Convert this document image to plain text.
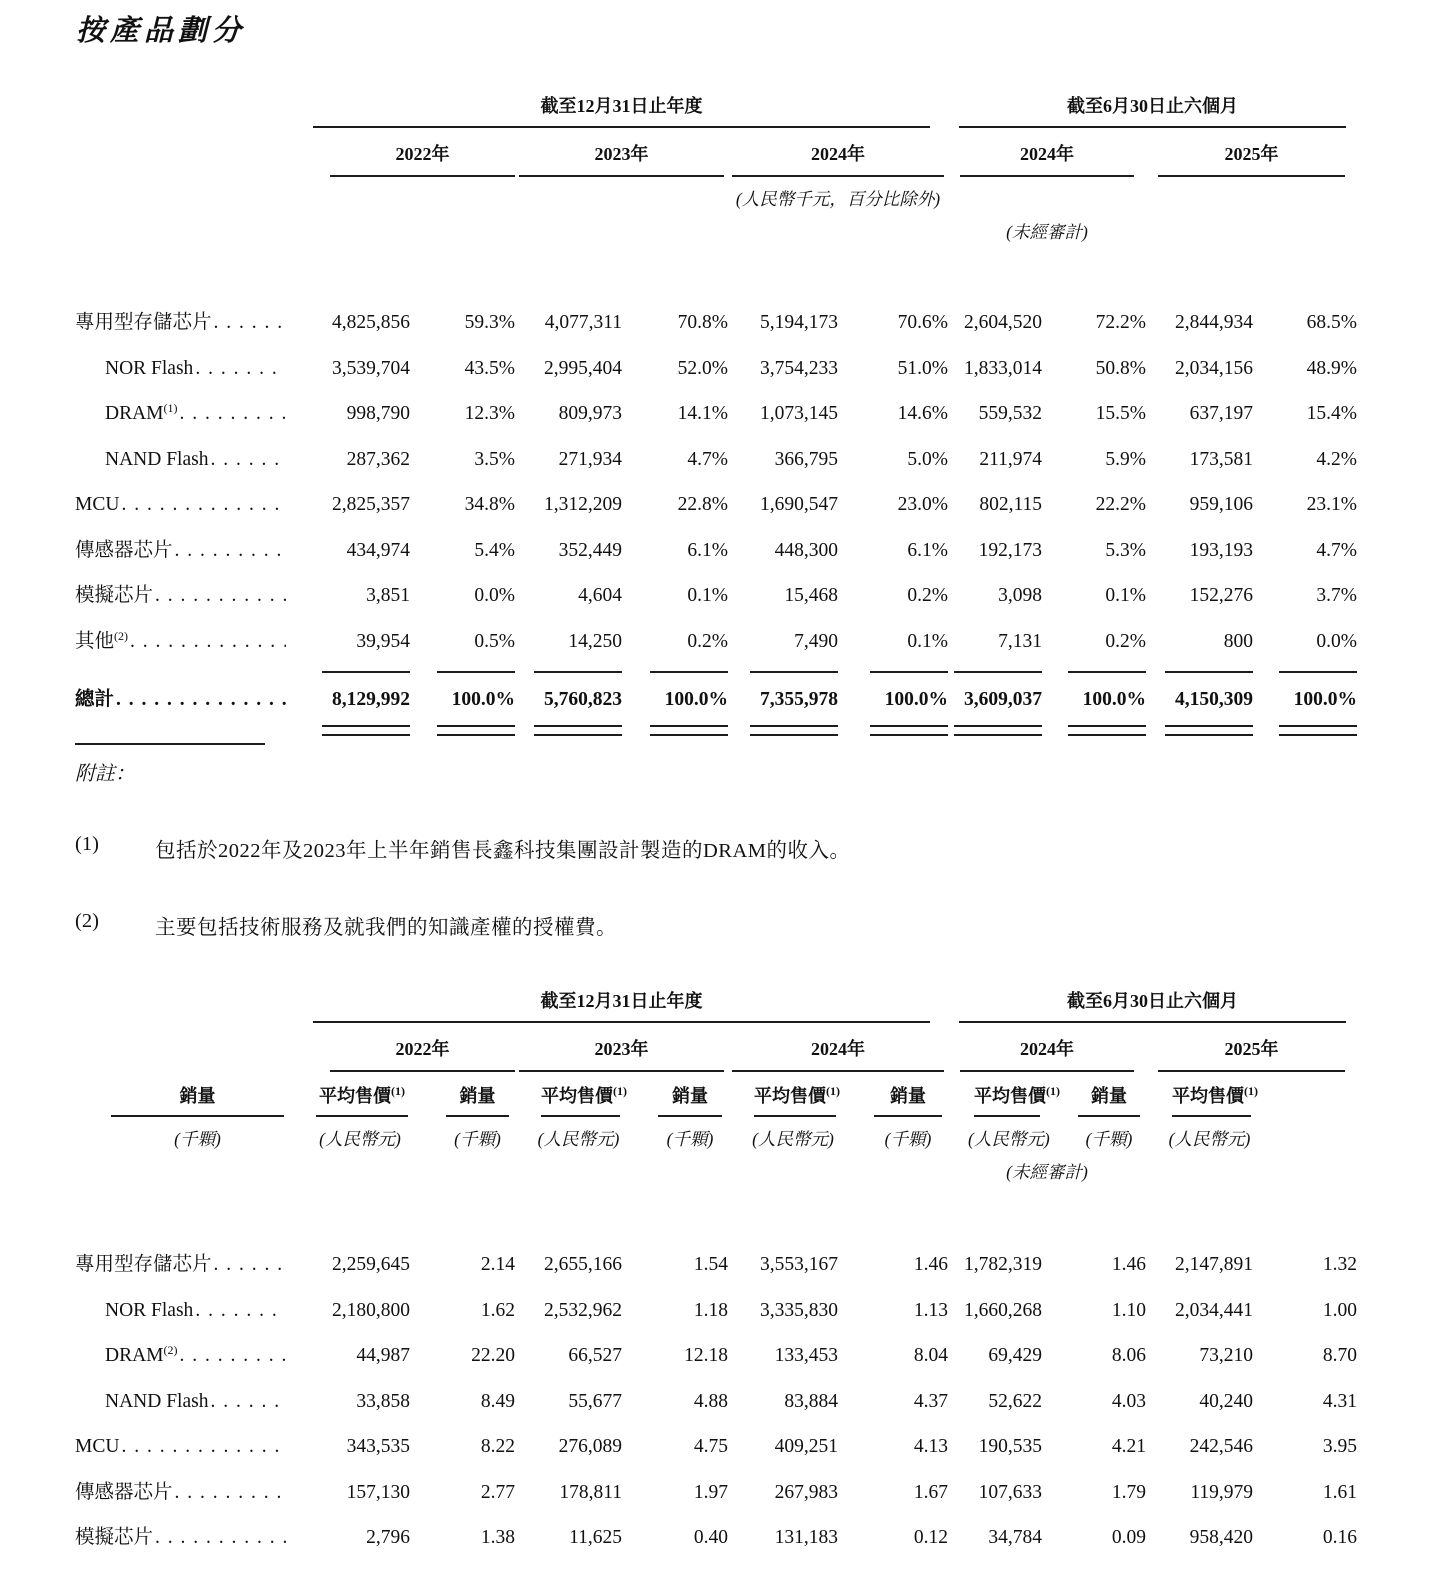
按產品劃分
截至12月31日止年度	截至6月30日止六個月
2022年	2023年	2024年	2024年	2025年
(人民幣千元，百分比除外)
(未經審計)
專用型存儲芯片 . . .	4,825,856	59.3%	4,077,311	70.8%	5,194,173	70.6% 2,604,520	72.2%	2,844,934	68.5%
NOR Flash . . .	3,539,704	43.5%	2,995,404	52.0%	3,754,233	51.0% 1,833,014	50.8%	2,034,156	48.9%
DRAM$^{(1)}$ . . .	998,790	12.3%	809,973	14.1%	1,073,145	14.6%	559,532	15.5%	637,197	15.4%
NAND Flash . . .	287,362	3.5%	271,934	4.7%	366,795	5.0%	211,974	5.9%	173,581	4.2%
MCU . . .	2,825,357	34.8%	1,312,209	22.8%	1,690,547	23.0%	802,115	22.2%	959,106	23.1%
傳感器芯片 . . .	434,974	5.4%	352,449	6.1%	448,300	6.1%	192,173	5.3%	193,193	4.7%
模擬芯片 . . .	3,851	0.0%	4,604	0.1%	15,468	0.2%	3,098	0.1%	152,276	3.7%
其他$^{(2)}$ . . .	39,954	0.5%	14,250	0.2%	7,490	0.1%	7,131	0.2%	800	0.0%
總計 . . .	8,129,992	100.0%	5,760,823	100.0%	7,355,978	100.0% 3,609,037	100.0%	4,150,309	100.0%
附註：
(1)	包括於2022年及2023年上半年銷售長鑫科技集團設計製造的DRAM的收入。
(2)	主要包括技術服務及就我們的知識產權的授權費。
截至12月31日止年度	截至6月30日止六個月
2022年	2023年	2024年	2024年	2025年
銷量	平均售價$^{(1)}$	銷量	平均售價$^{(1)}$	銷量	平均售價$^{(1)}$	銷量	平均售價$^{(1)}$	銷量	平均售價$^{(1)}$
(千顆)	(人民幣元)	(千顆)	(人民幣元)	(千顆)	(人民幣元)	(千顆)	(人民幣元)	(千顆)	(人民幣元)
(未經審計)
專用型存儲芯片 . . .	2,259,645	2.14	2,655,166	1.54	3,553,167	1.46 1,782,319	1.46	2,147,891	1.32
NOR Flash . . .	2,180,800	1.62	2,532,962	1.18	3,335,830	1.13 1,660,268	1.10	2,034,441	1.00
DRAM$^{(2)}$ . . .	44,987	22.20	66,527	12.18	133,453	8.04	69,429	8.06	73,210	8.70
NAND Flash . . .	33,858	8.49	55,677	4.88	83,884	4.37	52,622	4.03	40,240	4.31
MCU . . .	343,535	8.22	276,089	4.75	409,251	4.13	190,535	4.21	242,546	3.95
傳感器芯片 . . .	157,130	2.77	178,811	1.97	267,983	1.67	107,633	1.79	119,979	1.61
模擬芯片 . . .	2,796	1.38	11,625	0.40	131,183	0.12	34,784	0.09	958,420	0.16
